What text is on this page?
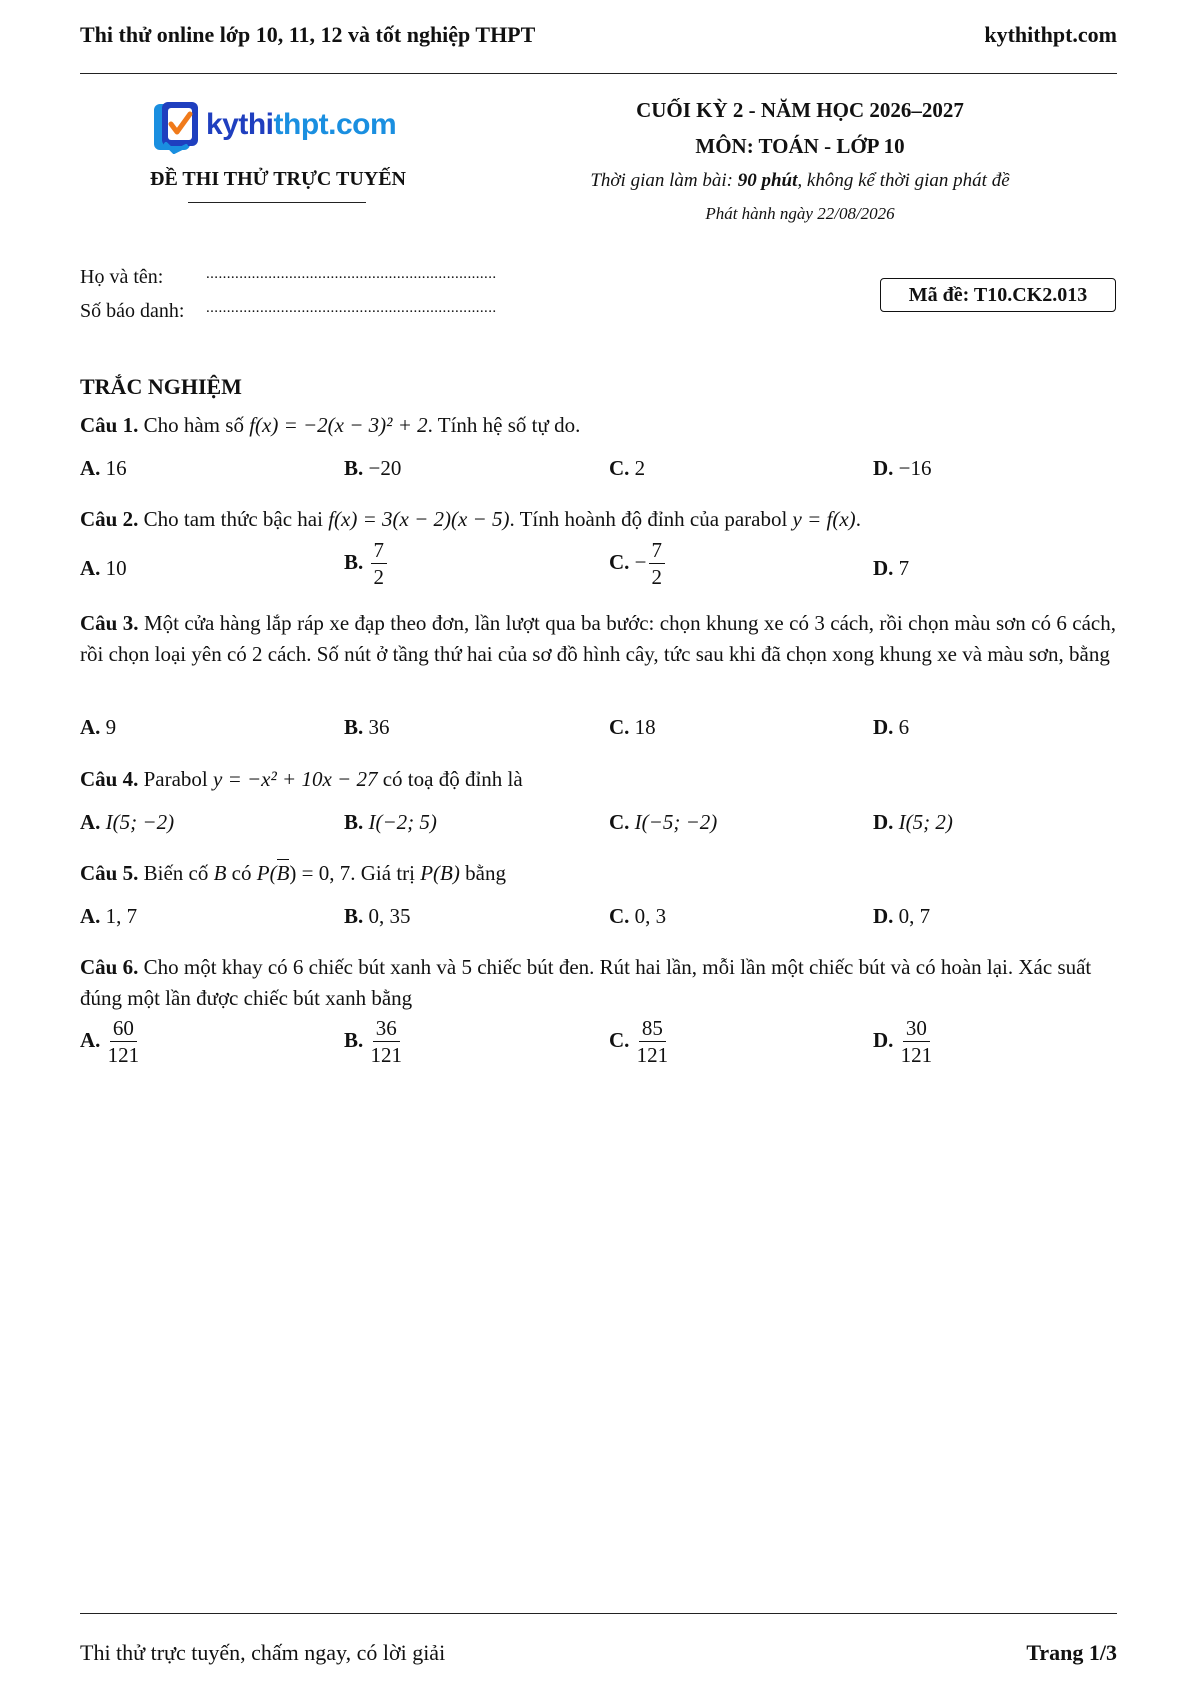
Thi thử online lớp 10, 11, 12 và tốt nghiệp THPT	kythithpt.com
kythithpt.com
ĐỀ THI THỬ TRỰC TUYẾN
CUỐI KỲ 2 - NĂM HỌC 2026–2027
MÔN: TOÁN - LỚP 10
Thời gian làm bài: 90 phút, không kể thời gian phát đề
Phát hành ngày 22/08/2026
Họ và tên:	......................................................................
Số báo danh: ......................................................................
Mã đề: T10.CK2.013
TRẮC NGHIỆM
Câu 1. Cho hàm số f(x) = −2(x − 3)² + 2. Tính hệ số tự do.
A. 16	B. −20	C. 2	D. −16
Câu 2. Cho tam thức bậc hai f(x) = 3(x − 2)(x − 5). Tính hoành độ đỉnh của parabol y = f(x).
A. 10	B. $\frac{7}{2}$	C. − $\frac{7}{2}$	D. 7
Câu 3. Một cửa hàng lắp ráp xe đạp theo đơn, lần lượt qua ba bước: chọn khung xe có 3 cách, rồi chọn màu sơn có 6 cách, rồi chọn loại yên có 2 cách. Số nút ở tầng thứ hai của sơ đồ hình cây, tức sau khi đã chọn xong khung xe và màu sơn, bằng
A. 9	B. 36	C. 18	D. 6
Câu 4. Parabol y = −x² + 10x − 27 có toạ độ đỉnh là
A. I(5; −2)	B. I(−2; 5)	C. I(−5; −2)	D. I(5; 2)
Câu 5. Biến cố B có P(B) = 0, 7. Giá trị P(B) bằng
A. 1, 7	B. 0, 35	C. 0, 3	D. 0, 7
Câu 6. Cho một khay có 6 chiếc bút xanh và 5 chiếc bút đen. Rút hai lần, mỗi lần một chiếc bút và có hoàn lại. Xác suất đúng một lần được chiếc bút xanh bằng
A. $\frac{60}{121}$	B. $\frac{36}{121}$	C. $\frac{85}{121}$	D. $\frac{30}{121}$
Thi thử trực tuyến, chấm ngay, có lời giải	Trang 1/3
